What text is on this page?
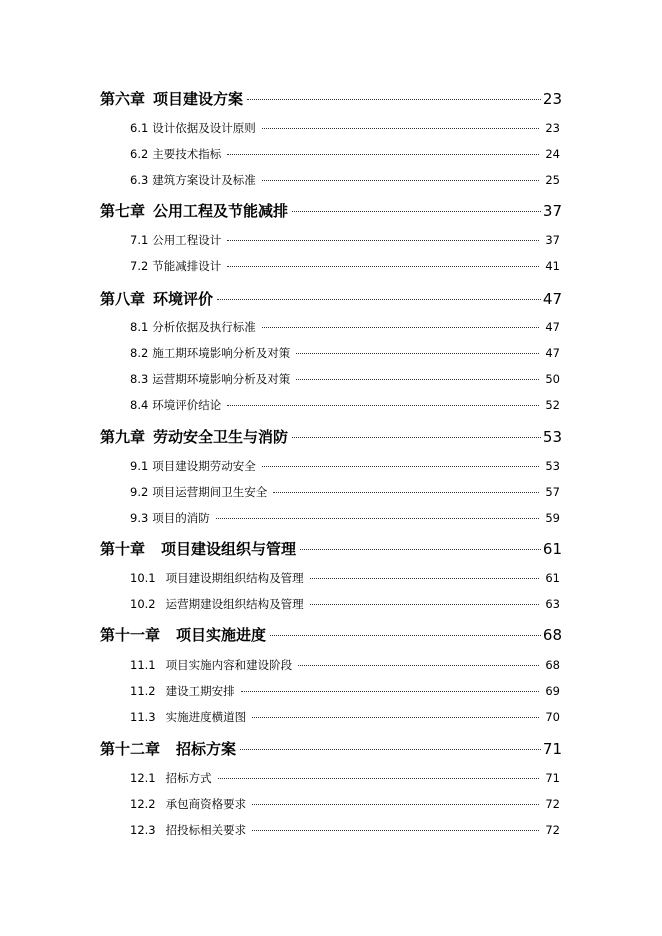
第六章 项目建设方案	23
6.1 设计依据及设计原则	23
6.2 主要技术指标	24
6.3 建筑方案设计及标准	25
第七章 公用工程及节能减排	37
7.1 公用工程设计	37
7.2 节能减排设计	41
第八章 环境评价	47
8.1 分析依据及执行标准	47
8.2 施工期环境影响分析及对策	47
8.3 运营期环境影响分析及对策	50
8.4 环境评价结论	52
第九章 劳动安全卫生与消防	53
9.1 项目建设期劳动安全	53
9.2 项目运营期间卫生安全	57
9.3 项目的消防	59
第十章 项目建设组织与管理	61
10.1 项目建设期组织结构及管理	61
10.2 运营期建设组织结构及管理	63
第十一章 项目实施进度	68
11.1 项目实施内容和建设阶段	68
11.2 建设工期安排	69
11.3 实施进度横道图	70
第十二章 招标方案	71
12.1 招标方式	71
12.2 承包商资格要求	72
12.3 招投标相关要求	72
